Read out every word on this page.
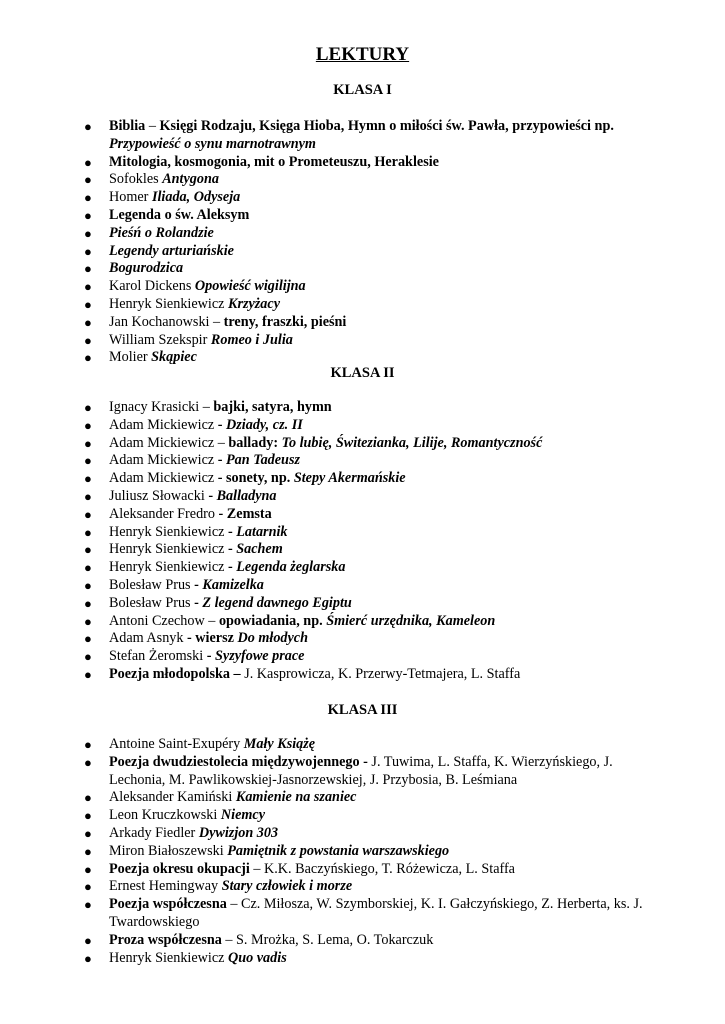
LEKTURY
KLASA I
● Biblia – Księgi Rodzaju, Księga Hioba, Hymn o miłości św. Pawła, przypowieści np. Przypowieść o synu marnotrawnym
● Mitologia, kosmogonia, mit o Prometeuszu, Heraklesie
● Sofokles Antygona
● Homer Iliada, Odyseja
● Legenda o św. Aleksym
● Pieśń o Rolandzie
● Legendy arturiańskie
● Bogurodzica
● Karol Dickens Opowieść wigilijna
● Henryk Sienkiewicz Krzyżacy
● Jan Kochanowski – treny, fraszki, pieśni
● William Szekspir Romeo i Julia
● Molier Skąpiec
KLASA II
● Ignacy Krasicki – bajki, satyra, hymn
● Adam Mickiewicz - Dziady, cz. II
● Adam Mickiewicz – ballady: To lubię, Świtezianka, Lilije, Romantyczność
● Adam Mickiewicz - Pan Tadeusz
● Adam Mickiewicz - sonety, np. Stepy Akermańskie
● Juliusz Słowacki - Balladyna
● Aleksander Fredro - Zemsta
● Henryk Sienkiewicz - Latarnik
● Henryk Sienkiewicz - Sachem
● Henryk Sienkiewicz - Legenda żeglarska
● Bolesław Prus - Kamizelka
● Bolesław Prus - Z legend dawnego Egiptu
● Antoni Czechow – opowiadania, np. Śmierć urzędnika, Kameleon
● Adam Asnyk - wiersz Do młodych
● Stefan Żeromski - Syzyfowe prace
● Poezja młodopolska – J. Kasprowicza, K. Przerwy-Tetmajera, L. Staffa
KLASA III
● Antoine Saint-Exupéry Mały Książę
● Poezja dwudziestolecia międzywojennego - J. Tuwima, L. Staffa, K. Wierzyńskiego, J. Lechonia, M. Pawlikowskiej-Jasnorzewskiej, J. Przybosia, B. Leśmiana
● Aleksander Kamiński Kamienie na szaniec
● Leon Kruczkowski Niemcy
● Arkady Fiedler Dywizjon 303
● Miron Białoszewski Pamiętnik z powstania warszawskiego
● Poezja okresu okupacji – K.K. Baczyńskiego, T. Różewicza, L. Staffa
● Ernest Hemingway Stary człowiek i morze
● Poezja współczesna – Cz. Miłosza, W. Szymborskiej, K. I. Gałczyńskiego, Z. Herberta, ks. J. Twardowskiego
● Proza współczesna – S. Mrożka, S. Lema, O. Tokarczuk
● Henryk Sienkiewicz Quo vadis
